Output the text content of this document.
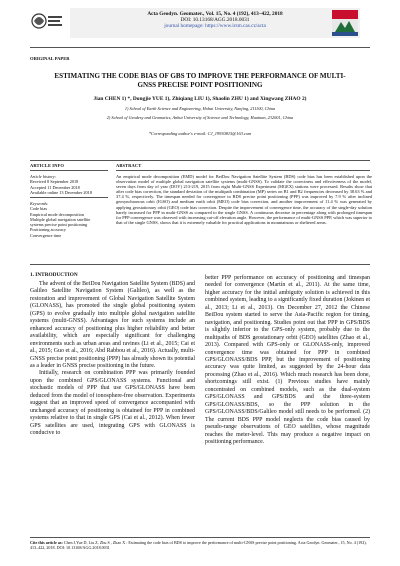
Acta Geodyn. Geomater., Vol. 15, No. 4 (192), 413–422, 2018
DOI: 10.13168/AGG.2018.0031
journal homepage: https://www.irsm.cas.cz/acta
ORIGINAL PAPER
ESTIMATING THE CODE BIAS OF GBS TO IMPROVE THE PERFORMANCE OF MULTI-
GNSS PRECISE POINT POSITIONING
Jian CHEN 1) *, Dongjie YUE 1), Zhiqiang LIU 1), Shaolin ZHU 1) and Xingwang ZHAO 2)
1) School of Earth Science and Engineering, Hohai University, Nanjing, 211100, China
2) School of Geodesy and Geomatics, Anhui University of Science and Technology, Huainan, 232001, China
*Corresponding author's e-mail: CJ_19930815@163.com
ARTICLE INFO	ABSTRACT
Article history:
Received 8 September 2018
Accepted 11 December 2018
Available online 13 December 2018
Keywords:
Code bias
Empirical mode decomposition
Multiple global navigation satellite
systems precise point positioning
Positioning accuracy
Convergence time
An empirical mode decomposition (EMD) model for BeiDou Navigation Satellite System (BDS) code bias has been established upon the observation model of multiple global navigation satellite systems (multi-GNSS). To validate the correctness and effectiveness of the model, seven days from day of year (DOY) 213-219, 2015 from eight Multi-GNSS Experiment (MGEX) stations were processed. Results show that after code bias correction, the standard deviation of the multipath combination (MP) series on B1 and B2 frequencies decreased by 38.63 % and 37.4 %, respectively. The timespan needed for convergence in BDS precise point positioning (PPP) was improved by 7.9 % after inclined geosynchronous orbit (IGSO) and medium earth orbit (MEO) code bias correction, and another improvement of 11.4 % was generated by applying geostationary orbit (GEO) code bias correction. Despite the improvement of convergence time, the accuracy of the single-day solution barely increased for PPP in multi-GNSS as compared to the single GNSS. A continuous decrease in percentage along with prolonged timespan for PPP convergence was observed with increasing cut-off elevation angle. However, the performance of multi-GNSS PPP, which was superior to that of the single GNSS, shows that it is extremely valuable for practical applications in mountainous or sheltered areas.
1. INTRODUCTION

The advent of the BeiDou Navigation Satellite System (BDS) and Galileo Satellite Navigation System (Galileo), as well as the restoration and improvement of Global Navigation Satellite System (GLONASS), has promoted the single global positioning system (GPS) to evolve gradually into multiple global navigation satellite systems (multi-GNSS). Advantages for such systems include an enhanced accuracy of positioning plus higher reliability and better availability, which are especially significant for challenging environments such as urban areas and ravines (Li et al., 2015; Cai et al., 2015; Guo et al., 2016; Abd Rabbou et al., 2016). Actually, multi-GNSS precise point positioning (PPP) has already shown its potential as a leader in GNSS precise positioning in the future.

Initially, research on combination PPP was primarily founded upon the combined GPS/GLONASS systems. Functional and stochastic models of PPP that use GPS/GLONASS have been deduced from the model of ionosphere-free observation. Experiments suggest that an improved speed of convergence accompanied with unchanged accuracy of positioning is obtained for PPP in combined systems relative to that in single GPS (Cai et al., 2012). When fewer GPS satellites are used, integrating GPS with GLONASS is conducive to

better PPP performance on accuracy of positioning and timespan needed for convergence (Martín et al., 2011). At the same time, higher accuracy for the initial ambiguity solution is achieved in this combined system, leading to a significantly fixed duration (Jokinen et al., 2013; Li et al., 2013). On December 27, 2012 the Chinese BeiDou system started to serve the Asia-Pacific region for timing, navigation, and positioning. Studies point out that PPP in GPS/BDS is slightly inferior to the GPS-only system, probably due to the multipaths of BDS geostationary orbit (GEO) satellites (Zhao et al., 2013). Compared with GPS-only or GLONASS-only, improved convergence time was obtained for PPP in combined GPS/GLONASS/BDS PPP, but the improvement of positioning accuracy was quite limited, as suggested by the 24-hour data processing (Zhao et al., 2016). Which much research has been done, shortcomings still exist. (1) Previous studies have mainly concentrated on combined models, such as the dual-system GPS/GLONASS and GPS/BDS and the three-system GPS/GLONASS/BDS, so the PPP solution in the GPS/GLONASS/BDS/Galileo model still needs to be performed. (2) The current BDS PPP model neglects the code bias caused by pseudo-range observations of GEO satellites, whose magnitude reaches the meter-level. This may produce a negative impact on positioning performance.

Cite this article as: Chen J,Yue D, Liu Z, Zhu S , Zhao X : Estimating the code bias of BDS to improve the performance of multi-GNSS precise point positioning. Acta Geodyn. Geomater., 15, No. 4 (192), 413–422, 2018. DOI: 10.13168/AGG.2018.0031
